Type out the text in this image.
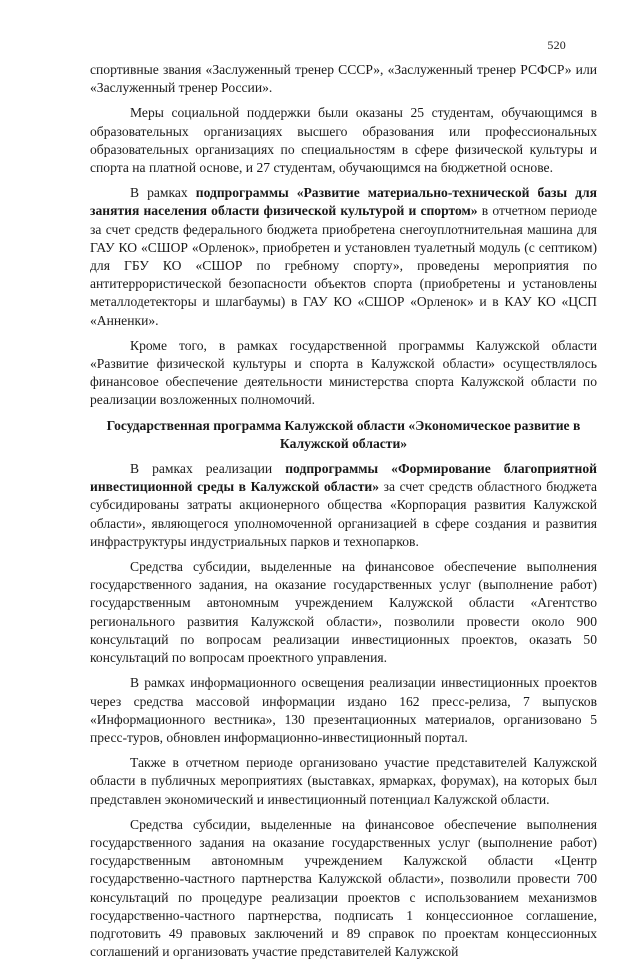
520

спортивные звания «Заслуженный тренер СССР», «Заслуженный тренер РСФСР» или «Заслуженный тренер России».

Меры социальной поддержки были оказаны 25 студентам, обучающимся в образовательных организациях высшего образования или профессиональных образовательных организациях по специальностям в сфере физической культуры и спорта на платной основе, и 27 студентам, обучающимся на бюджетной основе.

В рамках подпрограммы «Развитие материально-технической базы для занятия населения области физической культурой и спортом» в отчетном периоде за счет средств федерального бюджета приобретена снегоуплотнительная машина для ГАУ КО «СШОР «Орленок», приобретен и установлен туалетный модуль (с септиком) для ГБУ КО «СШОР по гребному спорту», проведены мероприятия по антитеррористической безопасности объектов спорта (приобретены и установлены металлодетекторы и шлагбаумы) в ГАУ КО «СШОР «Орленок» и в КАУ КО «ЦСП «Анненки».

Кроме того, в рамках государственной программы Калужской области «Развитие физической культуры и спорта в Калужской области» осуществлялось финансовое обеспечение деятельности министерства спорта Калужской области по реализации возложенных полномочий.

Государственная программа Калужской области «Экономическое развитие в Калужской области»

В рамках реализации подпрограммы «Формирование благоприятной инвестиционной среды в Калужской области» за счет средств областного бюджета субсидированы затраты акционерного общества «Корпорация развития Калужской области», являющегося уполномоченной организацией в сфере создания и развития инфраструктуры индустриальных парков и технопарков.

Средства субсидии, выделенные на финансовое обеспечение выполнения государственного задания, на оказание государственных услуг (выполнение работ) государственным автономным учреждением Калужской области «Агентство регионального развития Калужской области», позволили провести около 900 консультаций по вопросам реализации инвестиционных проектов, оказать 50 консультаций по вопросам проектного управления.

В рамках информационного освещения реализации инвестиционных проектов через средства массовой информации издано 162 пресс-релиза, 7 выпусков «Информационного вестника», 130 презентационных материалов, организовано 5 пресс-туров, обновлен информационно-инвестиционный портал.

Также в отчетном периоде организовано участие представителей Калужской области в публичных мероприятиях (выставках, ярмарках, форумах), на которых был представлен экономический и инвестиционный потенциал Калужской области.

Средства субсидии, выделенные на финансовое обеспечение выполнения государственного задания на оказание государственных услуг (выполнение работ) государственным автономным учреждением Калужской области «Центр государственно-частного партнерства Калужской области», позволили провести 700 консультаций по процедуре реализации проектов с использованием механизмов государственно-частного партнерства, подписать 1 концессионное соглашение, подготовить 49 правовых заключений и 89 справок по проектам концессионных соглашений и организовать участие представителей Калужской
